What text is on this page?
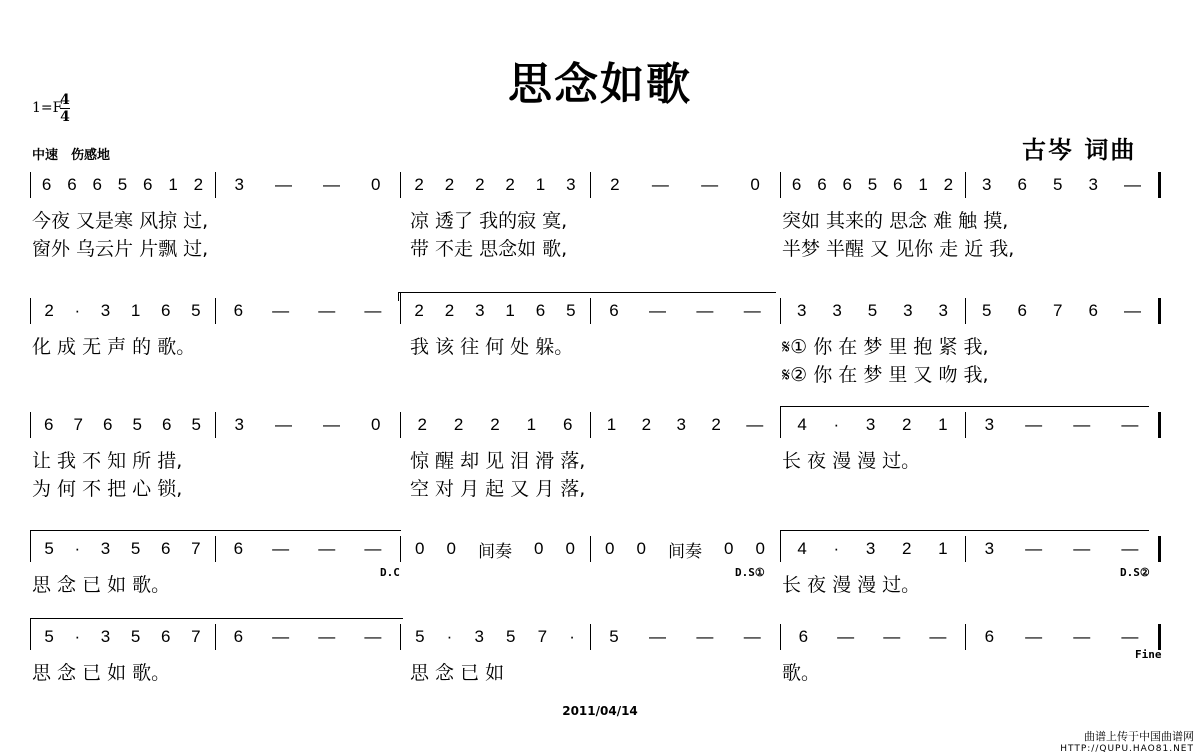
思念如歌
1=F
4
4
中速　伤感地	古岑 词曲
6 6 6 5 6 1 2 3 — — 0 2 2 2 2 1 3 2 — — 0 6 6 6 5 6 1 2 3 6 5 3 —
今夜 又是寒 风掠 过,	凉 透了 我的寂 寞,	突如 其来的 思念 难 触 摸,
窗外 乌云片 片飘 过,	带 不走 思念如 歌,	半梦 半醒 又 见你 走 近 我,
2 · 3 1 6 5 6 — — — 2 2 3 1 6 5 6 — — — 3 3 5 3 3 5 6 7 6 —
化 成 无 声 的 歌。	我 该 往 何 处 躲。	𝄋① 你 在 梦 里 抱 紧 我,
𝄋② 你 在 梦 里 又 吻 我,
6 7 6 5 6 5 3 — — 0 2 2 2 1 6 1 2 3 2 — 4 · 3 2 1 3 — — —
让 我 不 知 所 措,	惊 醒 却 见 泪 滑 落,	长 夜 漫 漫 过。
为 何 不 把 心 锁,	空 对 月 起 又 月 落,
5 · 3 5 6 7 6 — — — 0 0 间奏 0 0 0 0 间奏 0 0 4 · 3 2 1 3 — — —
思 念 已 如 歌。	长 夜 漫 漫 过。
D.C	D.S①	D.S②
5 · 3 5 6 7 6 — — — 5 · 3 5 7 · 5 — — — 6 — — — 6 — — —
思 念 已 如 歌。	思 念 已 如	歌。
Fine
2011/04/14
曲谱上传于中国曲谱网
HTTP://QUPU.HAO81.NET
